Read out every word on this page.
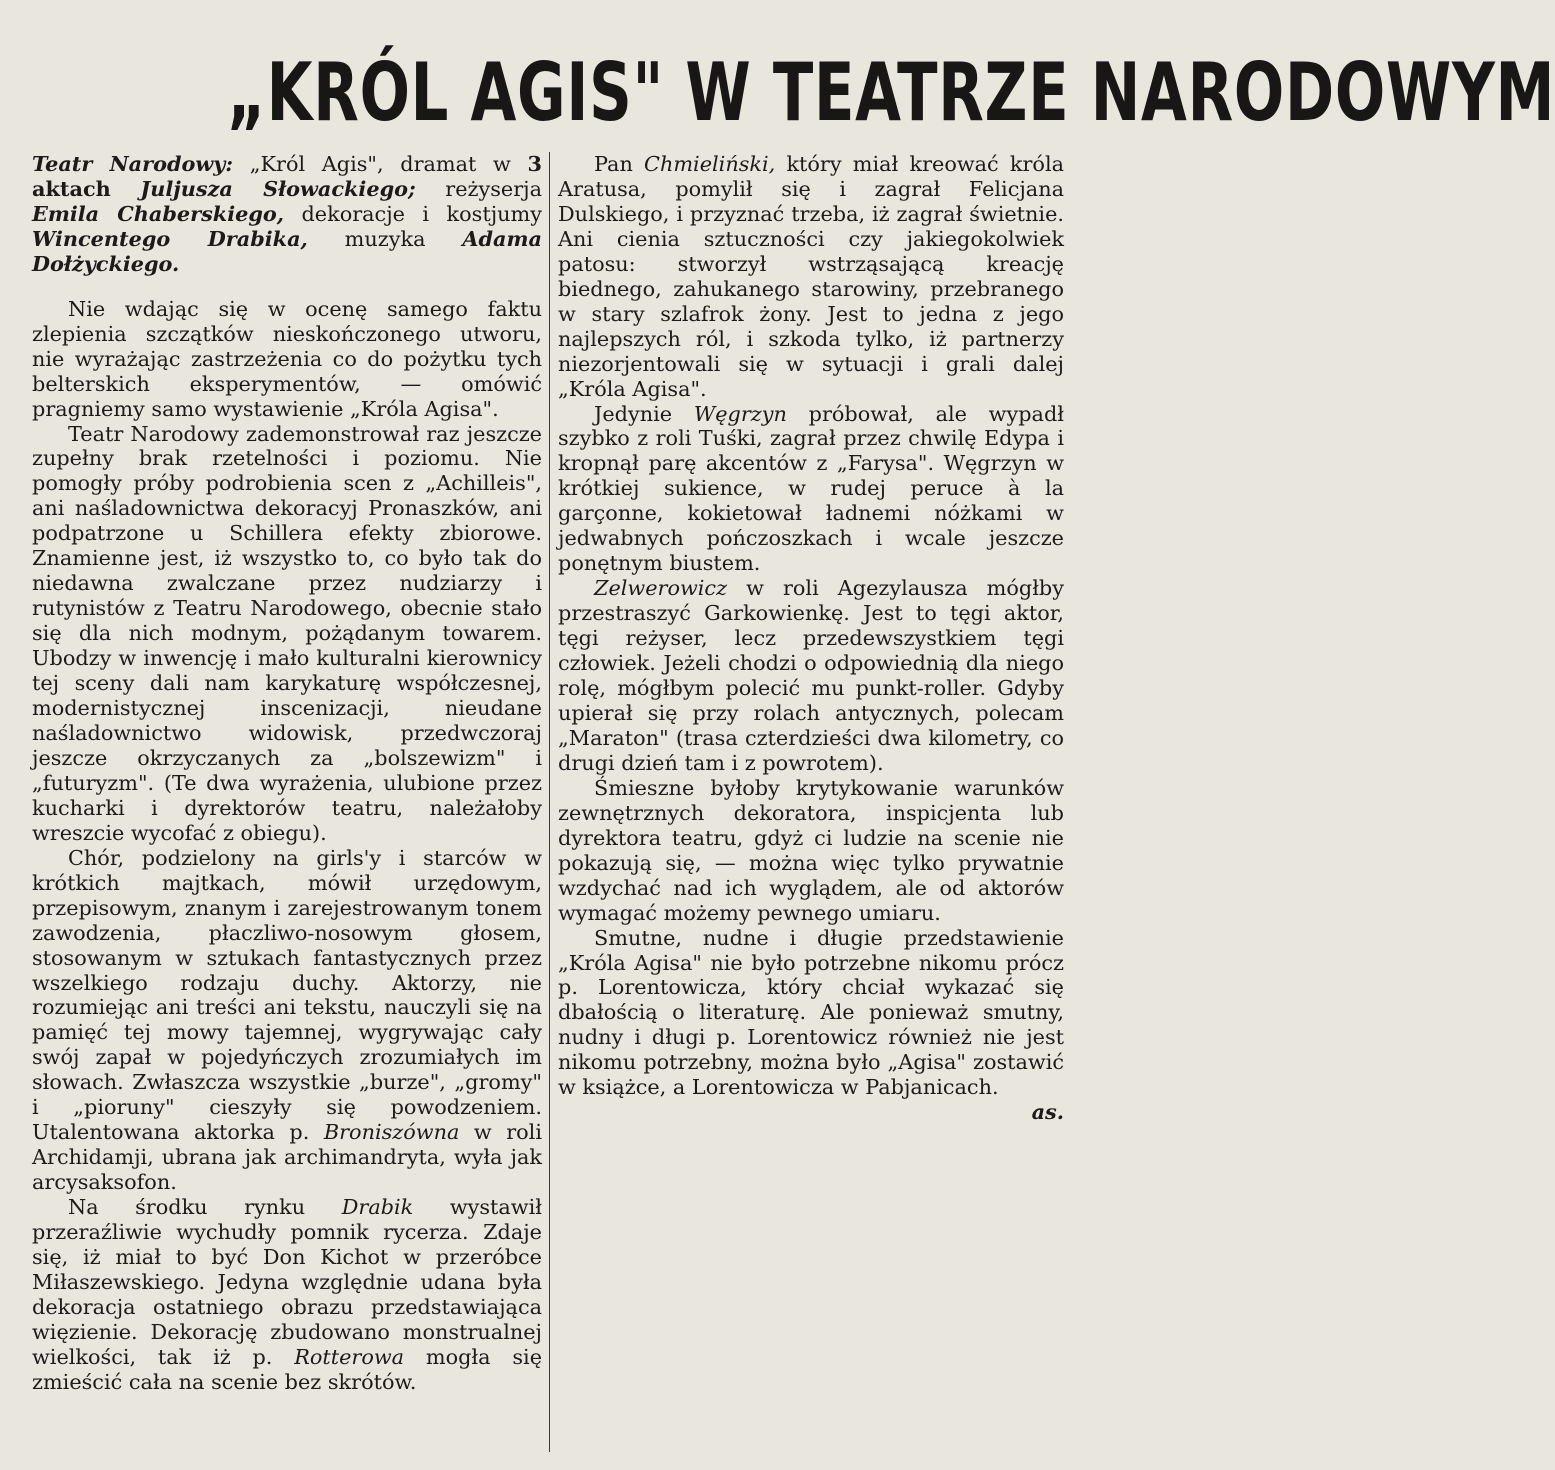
„KRÓL AGIS" W TEATRZE NARODOWYM

Teatr Narodowy: „Król Agis", dramat w 3 aktach Juljusza Słowackiego; reżyserja Emila Chaberskiego, dekoracje i kostjumy Wincentego Drabika, muzyka Adama Dołżyckiego.

Nie wdając się w ocenę samego faktu zlepienia szczątków nieskończonego utworu, nie wyrażając zastrzeżenia co do pożytku tych belterskich eksperymentów, — omówić pragniemy samo wystawienie „Króla Agisa".

Teatr Narodowy zademonstrował raz jeszcze zupełny brak rzetelności i poziomu. Nie pomogły próby podrobienia scen z „Achilleis", ani naśladownictwa dekoracyj Pronaszków, ani podpatrzone u Schillera efekty zbiorowe. Znamienne jest, iż wszystko to, co było tak do niedawna zwalczane przez nudziarzy i rutynistów z Teatru Narodowego, obecnie stało się dla nich modnym, pożądanym towarem. Ubodzy w inwencję i mało kulturalni kierownicy tej sceny dali nam karykaturę współczesnej, modernistycznej inscenizacji, nieudane naśladownictwo widowisk, przedwczoraj jeszcze okrzyczanych za „bolszewizm" i „futuryzm". (Te dwa wyrażenia, ulubione przez kucharki i dyrektorów teatru, należałoby wreszcie wycofać z obiegu).

Chór, podzielony na girls'y i starców w krótkich majtkach, mówił urzędowym, przepisowym, znanym i zarejestrowanym tonem zawodzenia, płaczliwo-nosowym głosem, stosowanym w sztukach fantastycznych przez wszelkiego rodzaju duchy. Aktorzy, nie rozumiejąc ani treści ani tekstu, nauczyli się na pamięć tej mowy tajemnej, wygrywając cały swój zapał w pojedyńczych zrozumiałych im słowach. Zwłaszcza wszystkie „burze", „gromy" i „pioruny" cieszyły się powodzeniem. Utalentowana aktorka p. Broniszówna w roli Archidamji, ubrana jak archimandryta, wyła jak arcysaksofon.

Na środku rynku Drabik wystawił przeraźliwie wychudły pomnik rycerza. Zdaje się, iż miał to być Don Kichot w przeróbce Miłaszewskiego. Jedyna względnie udana była dekoracja ostatniego obrazu przedstawiająca więzienie. Dekorację zbudowano monstrualnej wielkości, tak iż p. Rotterowa mogła się zmieścić cała na scenie bez skrótów.

Pan Chmieliński, który miał kreować króla Aratusa, pomylił się i zagrał Felicjana Dulskiego, i przyznać trzeba, iż zagrał świetnie. Ani cienia sztuczności czy jakiegokolwiek patosu: stworzył wstrząsającą kreację biednego, zahukanego starowiny, przebranego w stary szlafrok żony. Jest to jedna z jego najlepszych ról, i szkoda tylko, iż partnerzy niezorjentowali się w sytuacji i grali dalej „Króla Agisa".

Jedynie Węgrzyn próbował, ale wypadł szybko z roli Tuśki, zagrał przez chwilę Edypa i kropnął parę akcentów z „Farysa". Węgrzyn w krótkiej sukience, w rudej peruce à la garçonne, kokietował ładnemi nóżkami w jedwabnych pończoszkach i wcale jeszcze ponętnym biustem.

Zelwerowicz w roli Agezylausza mógłby przestraszyć Garkowienkę. Jest to tęgi aktor, tęgi reżyser, lecz przedewszystkiem tęgi człowiek. Jeżeli chodzi o odpowiednią dla niego rolę, mógłbym polecić mu punkt-roller. Gdyby upierał się przy rolach antycznych, polecam „Maraton" (trasa czterdzieści dwa kilometry, co drugi dzień tam i z powrotem).

Śmieszne byłoby krytykowanie warunków zewnętrznych dekoratora, inspicjenta lub dyrektora teatru, gdyż ci ludzie na scenie nie pokazują się, — można więc tylko prywatnie wzdychać nad ich wyglądem, ale od aktorów wymagać możemy pewnego umiaru.

Smutne, nudne i długie przedstawienie „Króla Agisa" nie było potrzebne nikomu prócz p. Lorentowicza, który chciał wykazać się dbałością o literaturę. Ale ponieważ smutny, nudny i długi p. Lorentowicz również nie jest nikomu potrzebny, można było „Agisa" zostawić w książce, a Lorentowicza w Pabjanicach.

as.
